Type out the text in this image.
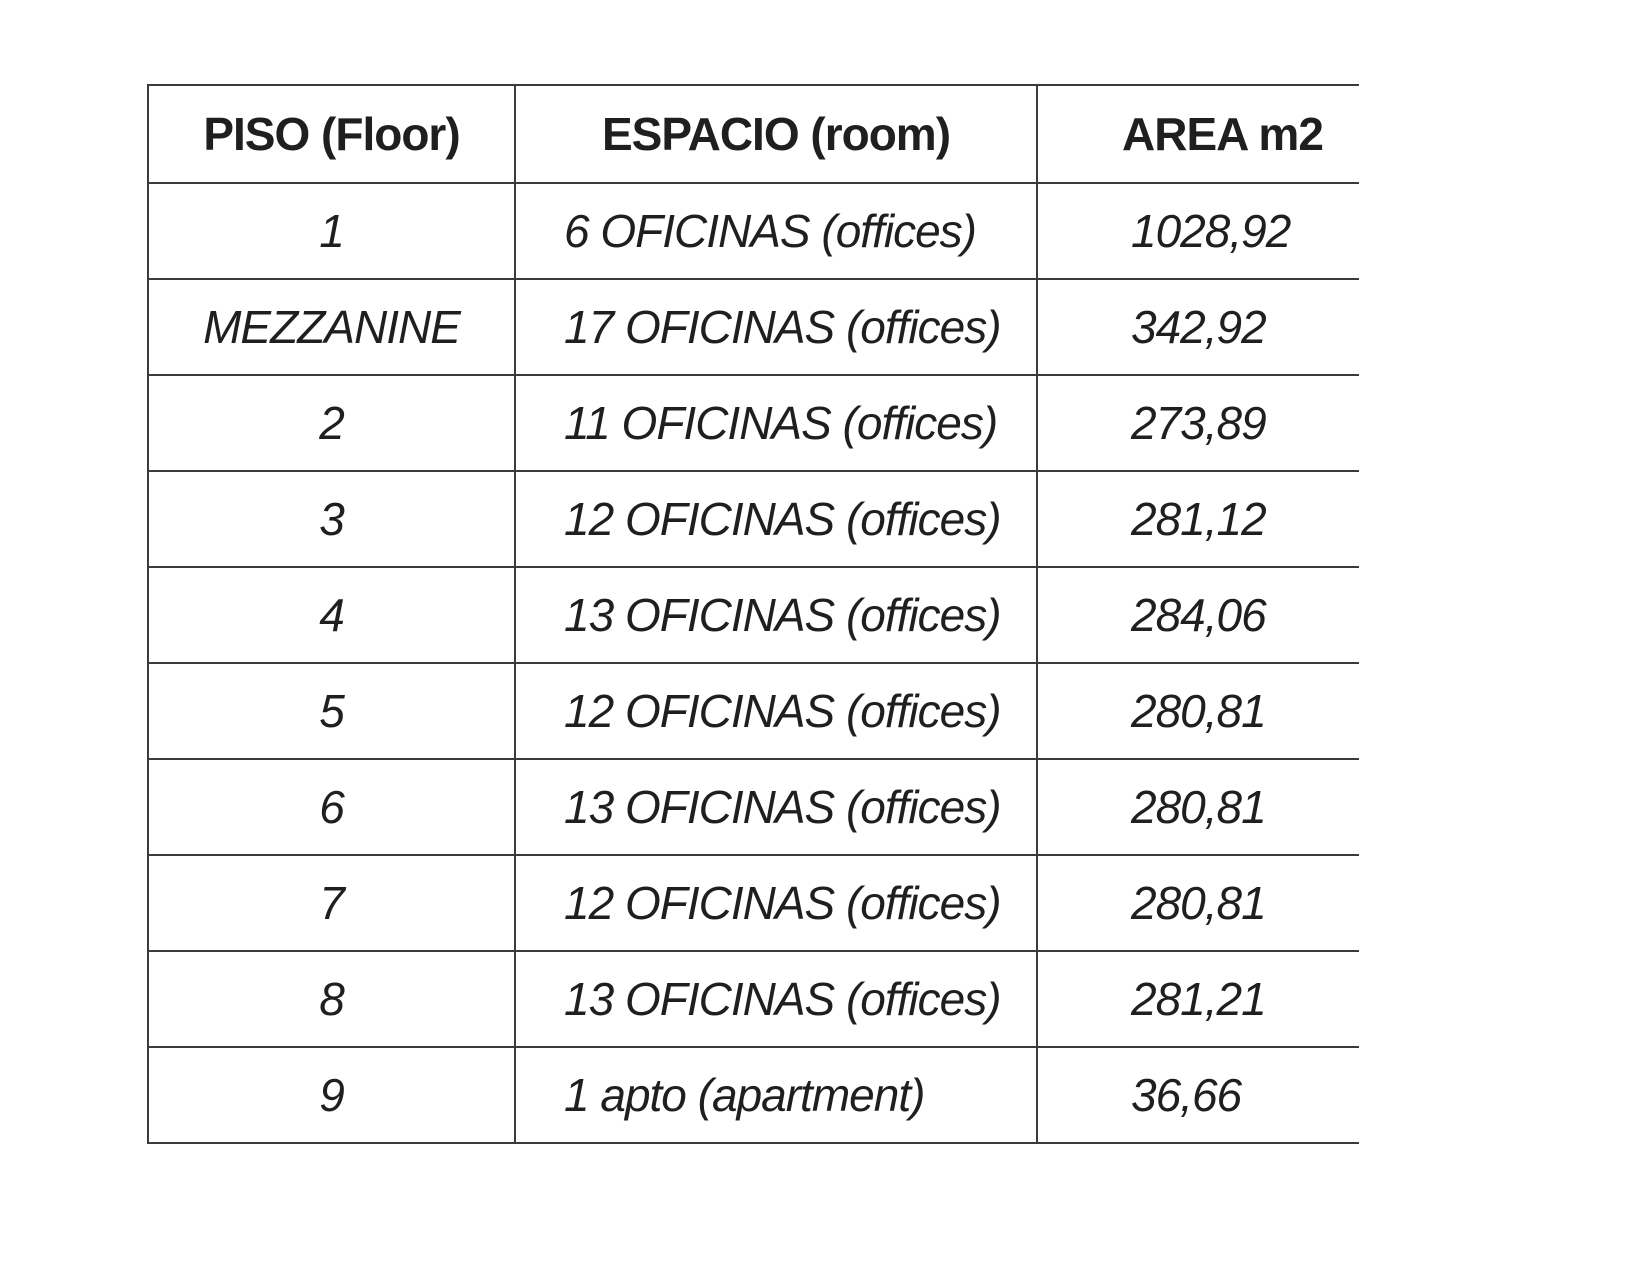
PISO (Floor)	ESPACIO (room)	AREA m2
1	6 OFICINAS (offices)	1028,92
MEZZANINE	17 OFICINAS (offices)	342,92
2	11 OFICINAS (offices)	273,89
3	12 OFICINAS (offices)	281,12
4	13 OFICINAS (offices)	284,06
5	12 OFICINAS (offices)	280,81
6	13 OFICINAS (offices)	280,81
7	12 OFICINAS (offices)	280,81
8	13 OFICINAS (offices)	281,21
9	1 apto (apartment)	36,66
